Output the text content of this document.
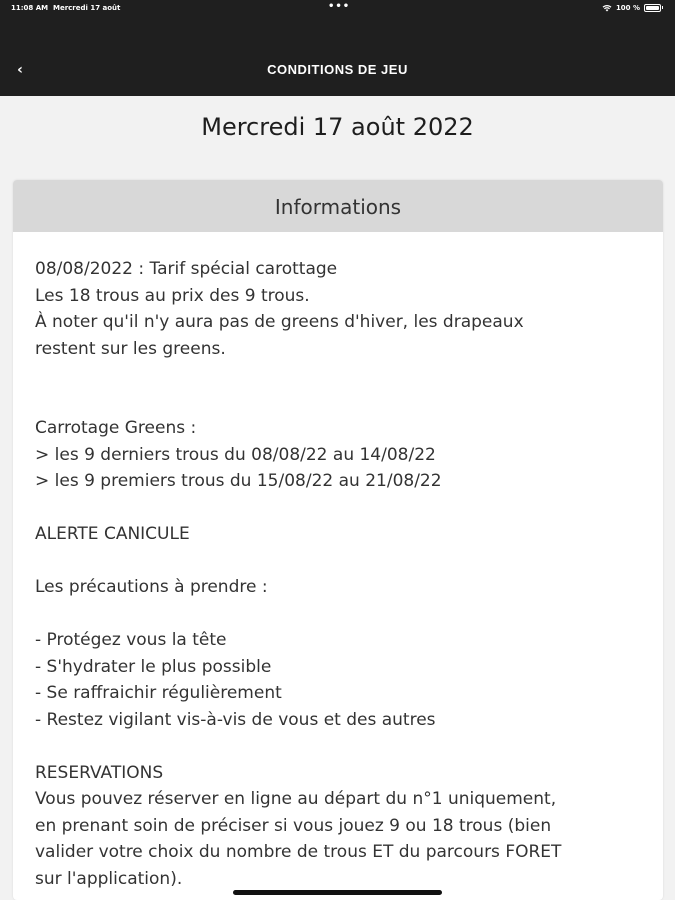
11:08 AM Mercredi 17 août	•••	100 %
‹	CONDITIONS DE JEU
Mercredi 17 août 2022
Informations
08/08/2022 : Tarif spécial carottage
Les 18 trous au prix des 9 trous.
À noter qu'il n'y aura pas de greens d'hiver, les drapeaux
restent sur les greens.
Carrotage Greens :
> les 9 derniers trous du 08/08/22 au 14/08/22
> les 9 premiers trous du 15/08/22 au 21/08/22
ALERTE CANICULE
Les précautions à prendre :
- Protégez vous la tête
- S'hydrater le plus possible
- Se raffraichir régulièrement
- Restez vigilant vis-à-vis de vous et des autres
RESERVATIONS
Vous pouvez réserver en ligne au départ du n°1 uniquement,
en prenant soin de préciser si vous jouez 9 ou 18 trous (bien
valider votre choix du nombre de trous ET du parcours FORET
sur l'application).
